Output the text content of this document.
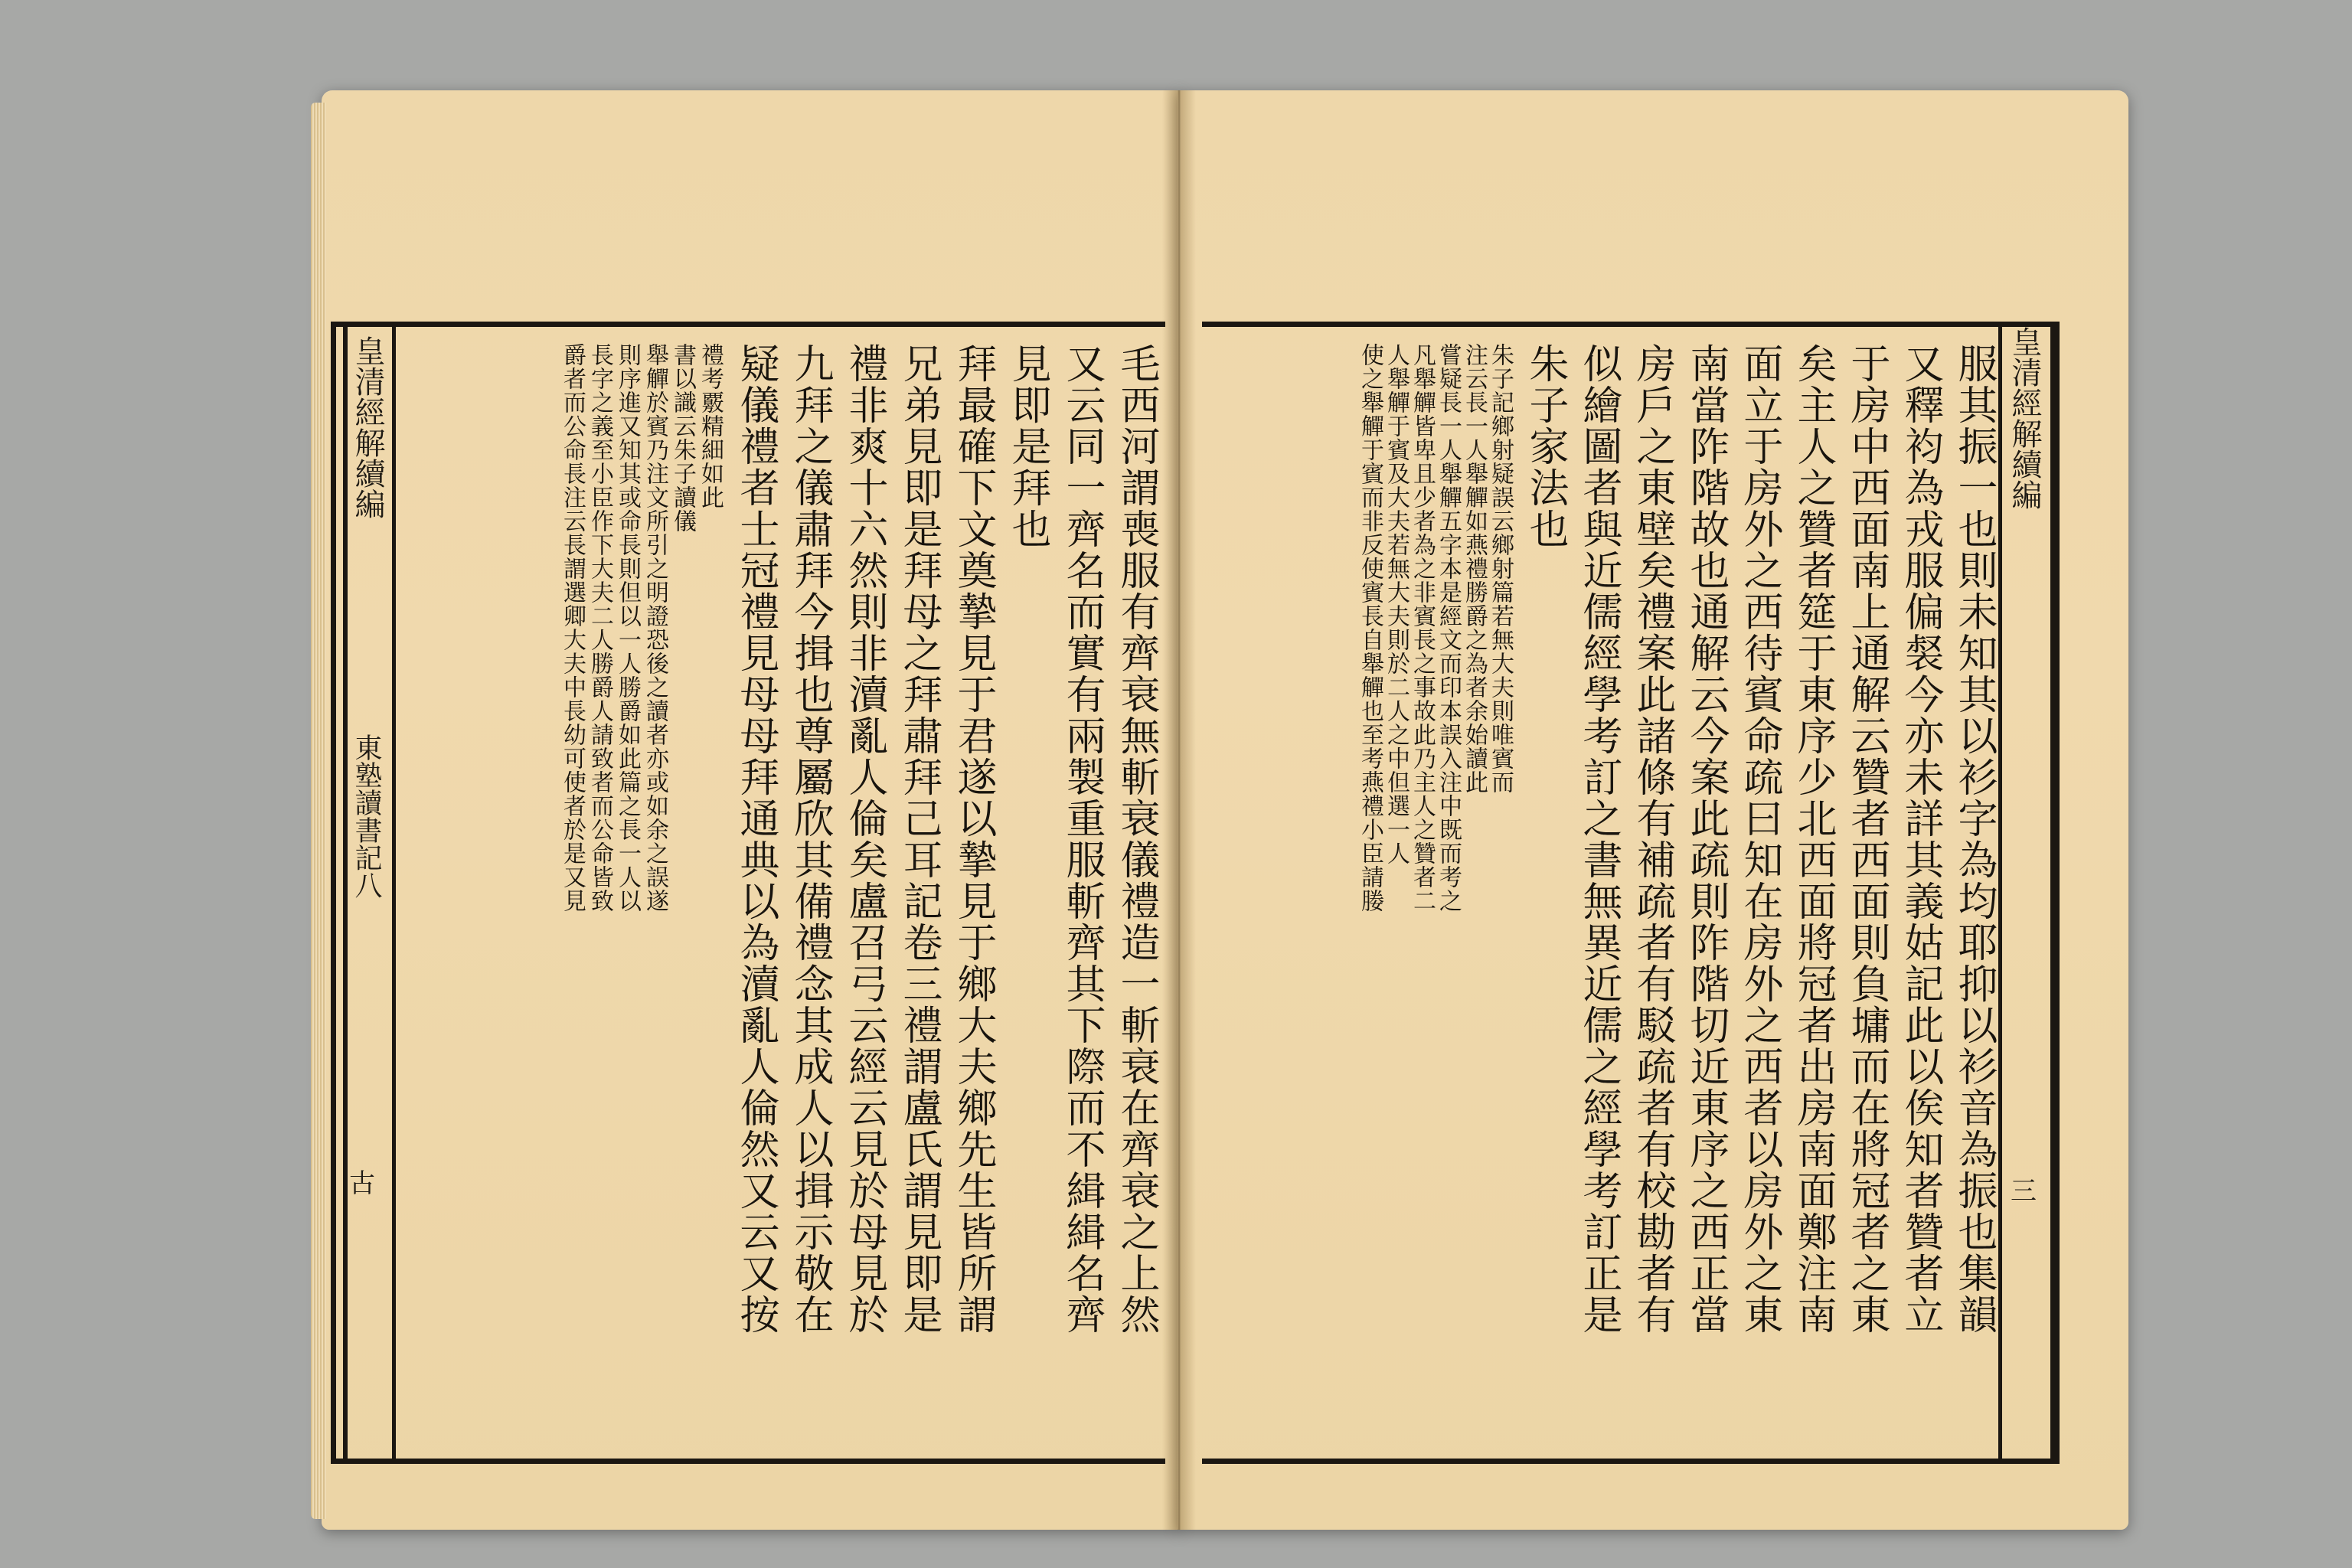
皇清經解續編
東塾讀書記八
古	毛西河謂喪服有齊衰無斬衰儀禮造一斬衰在齊衰之上然
又云同一齊名而實有兩製重服斬齊其下際而不緝緝名齊
見即是拜也
拜最確下文奠摯見于君遂以摯見于鄉大夫鄉先生皆所謂
兄弟見即是拜母之拜肅拜己耳記卷三禮謂盧氏謂見即是
禮非爽十六然則非瀆亂人倫矣盧召弓云經云見於母見於
九拜之儀肅拜今揖也尊屬欣其備禮念其成人以揖示敬在
疑儀禮者士冠禮見母母拜通典以為瀆亂人倫然又云又按
禮考覈精細如此
書以識云朱子讀儀
舉觶於賓乃注文所引之明證恐後之讀者亦或如余之誤遂
則序進又知其或命長則但以一人勝爵如此篇之長一人以
長字之義至小臣作下大夫二人勝爵人請致者而公命皆致
爵者而公命長注云長謂選卿大夫中長幼可使者於是又見	皇清經解續編
三
服其振一也則未知其以衫字為均耶抑以衫音為振也集韻
又釋袀為戎服偏裻今亦未詳其義姑記此以俟知者贊者立
于房中西面南上通解云贊者西面則負墉而在將冠者之東
矣主人之贊者筵于東序少北西面將冠者出房南面鄭注南
面立于房外之西待賓命疏曰知在房外之西者以房外之東
南當阼階故也通解云今案此疏則阼階切近東序之西正當
房戶之東壁矣禮案此諸條有補疏者有駁疏者有校勘者有
似繪圖者與近儒經學考訂之書無異近儒之經學考訂正是
朱子家法也
朱子記鄉射疑誤云鄉射篇若無大夫則唯賓而
注云長一人舉觶如燕禮勝爵之為者余始讀此
嘗疑長一人舉觶五字本是經文而印本誤入注中既而考之
凡舉觶皆卑且少者為之非賓長之事故此乃主人之贊者二
人舉觶于賓及大夫若無大夫則於二人之中但選一人
使之舉觶于賓而非反使賓長自舉觶也至考燕禮小臣請媵
